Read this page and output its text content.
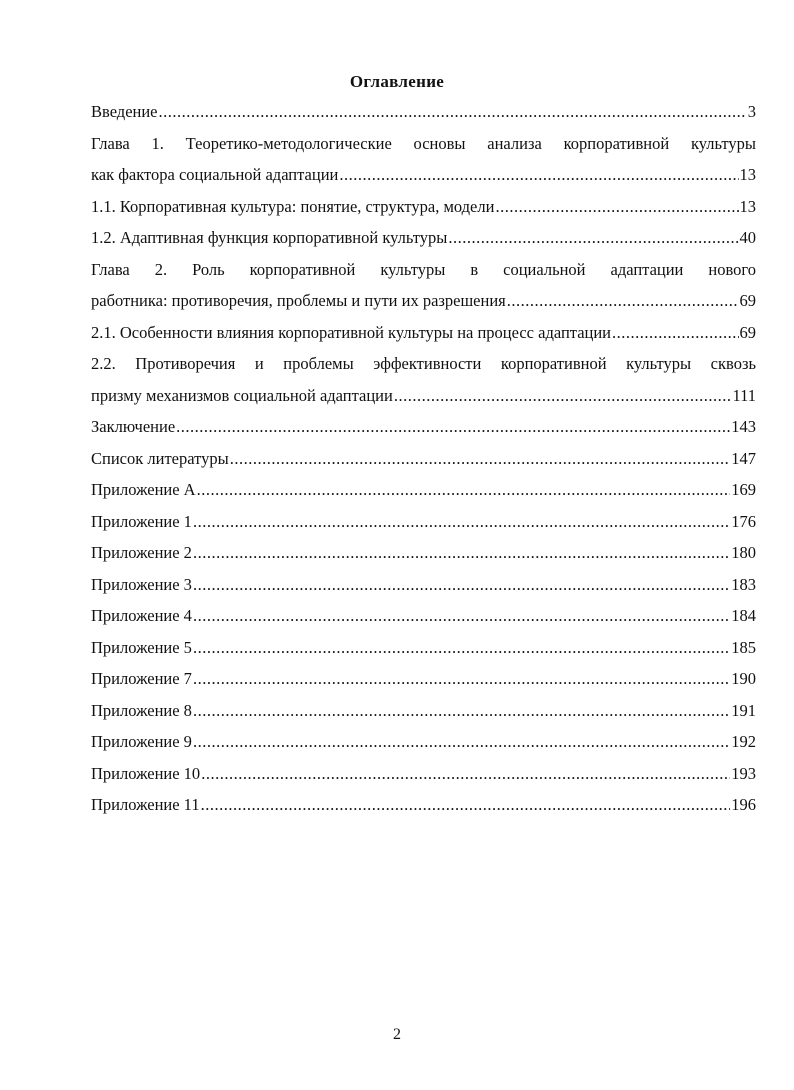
Оглавление
Введение .....	3
Глава 1. Теоретико-методологические основы анализа корпоративной культуры
как фактора социальной адаптации .....	13
1.1. Корпоративная культура: понятие, структура, модели .....	13
1.2. Адаптивная функция корпоративной культуры .....	40
Глава 2. Роль корпоративной культуры в социальной адаптации нового
работника: противоречия, проблемы и пути их разрешения .....	69
2.1. Особенности влияния корпоративной культуры на процесс адаптации .....	69
2.2. Противоречия и проблемы эффективности корпоративной культуры сквозь
призму механизмов социальной адаптации .....	111
Заключение .....	143
Список литературы .....	147
Приложение А .....	169
Приложение 1 .....	176
Приложение 2 .....	180
Приложение 3 .....	183
Приложение 4 .....	184
Приложение 5 .....	185
Приложение 7 .....	190
Приложение 8 .....	191
Приложение 9 .....	192
Приложение 10 .....	193
Приложение 11 .....	196
2
